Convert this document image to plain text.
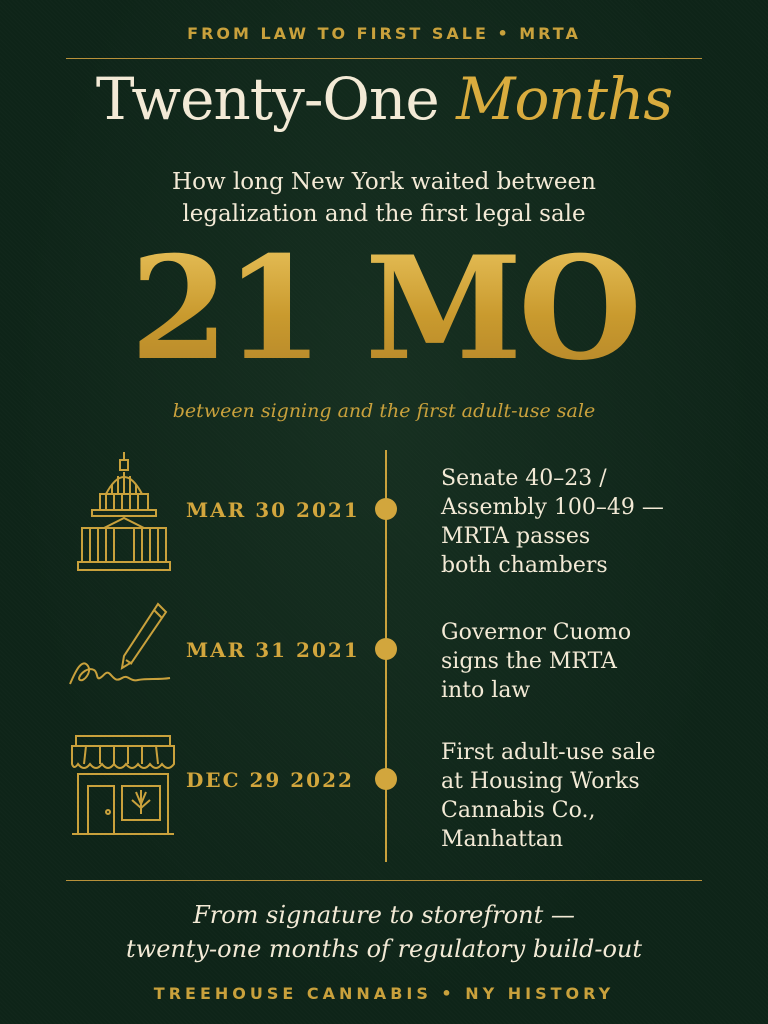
FROM LAW TO FIRST SALE • MRTA
Twenty-One Months
How long New York waited between
legalization and the first legal sale
21 MO
between signing and the first adult-use sale
MAR 30 2021
Senate 40–23 /
Assembly 100–49 —
MRTA passes
both chambers
MAR 31 2021
Governor Cuomo
signs the MRTA
into law
DEC 29 2022
First adult-use sale
at Housing Works
Cannabis Co.,
Manhattan
From signature to storefront —
twenty-one months of regulatory build-out
TREEHOUSE CANNABIS • NY HISTORY
